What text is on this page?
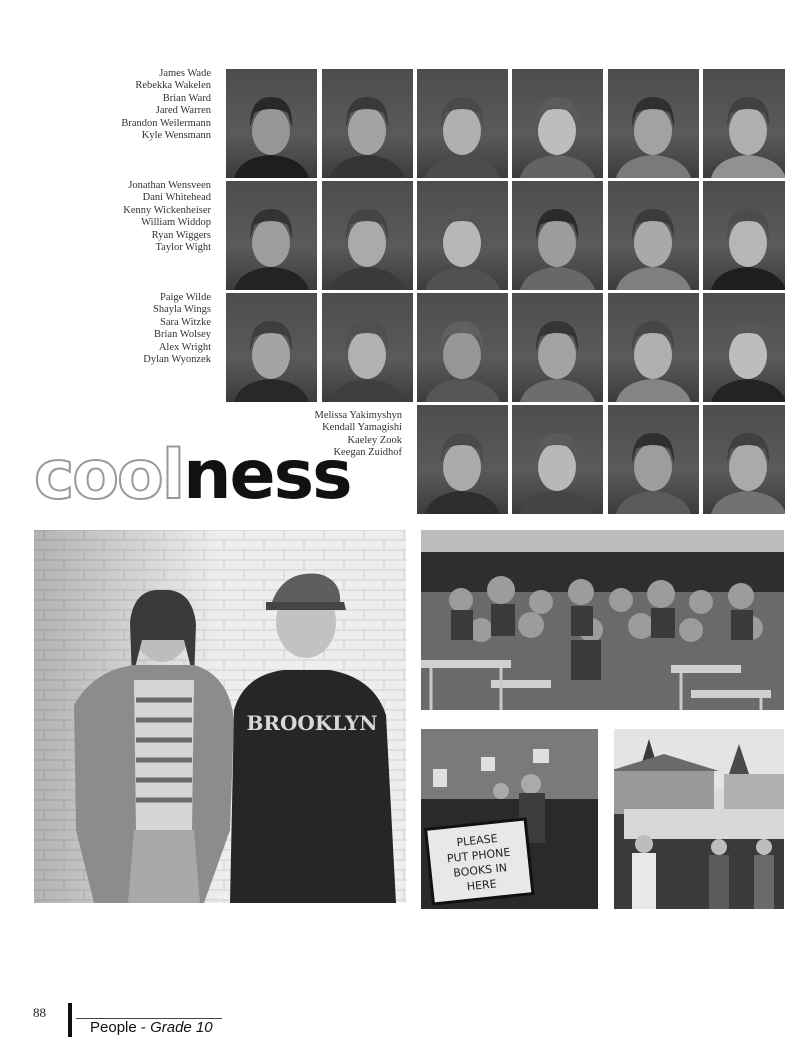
James Wade
Rebekka Wakelen
Brian Ward
Jared Warren
Brandon Weilermann
Kyle Wensmann
Jonathan Wensveen
Dani Whitehead
Kenny Wickenheiser
William Widdop
Ryan Wiggers
Taylor Wight
Paige Wilde
Shayla Wings
Sara Witzke
Brian Wolsey
Alex Wright
Dylan Wyonzek
Melissa Yakimyshyn
Kendall Yamagishi
Kaeley Zook
Keegan Zuidhof
coolness
BROOKLYN
PLEASE
PUT PHONE
BOOKS IN
HERE
88
People - Grade 10
